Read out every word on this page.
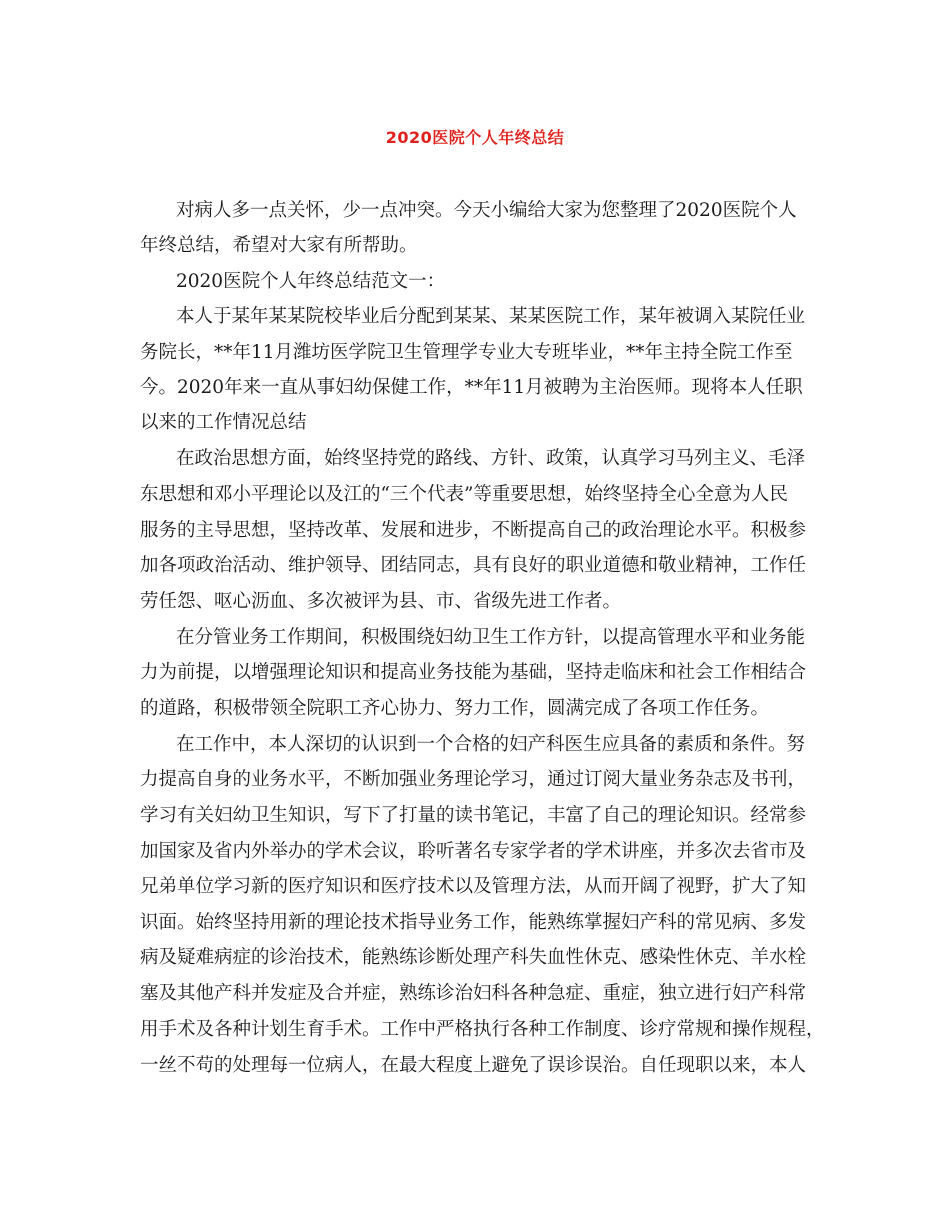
2020医院个人年终总结
对病人多一点关怀，少一点冲突。今天小编给大家为您整理了2020医院个人
年终总结，希望对大家有所帮助。
2020医院个人年终总结范文一：
本人于某年某某院校毕业后分配到某某、某某医院工作，某年被调入某院任业
务院长，**年11月潍坊医学院卫生管理学专业大专班毕业，**年主持全院工作至
今。2020年来一直从事妇幼保健工作，**年11月被聘为主治医师。现将本人任职
以来的工作情况总结
在政治思想方面，始终坚持党的路线、方针、政策，认真学习马列主义、毛泽
东思想和邓小平理论以及江的“三个代表”等重要思想，始终坚持全心全意为人民
服务的主导思想，坚持改革、发展和进步，不断提高自己的政治理论水平。积极参
加各项政治活动、维护领导、团结同志，具有良好的职业道德和敬业精神，工作任
劳任怨、呕心沥血、多次被评为县、市、省级先进工作者。
在分管业务工作期间，积极围绕妇幼卫生工作方针，以提高管理水平和业务能
力为前提，以增强理论知识和提高业务技能为基础，坚持走临床和社会工作相结合
的道路，积极带领全院职工齐心协力、努力工作，圆满完成了各项工作任务。
在工作中，本人深切的认识到一个合格的妇产科医生应具备的素质和条件。努
力提高自身的业务水平，不断加强业务理论学习，通过订阅大量业务杂志及书刊，
学习有关妇幼卫生知识，写下了打量的读书笔记，丰富了自己的理论知识。经常参
加国家及省内外举办的学术会议，聆听著名专家学者的学术讲座，并多次去省市及
兄弟单位学习新的医疗知识和医疗技术以及管理方法，从而开阔了视野，扩大了知
识面。始终坚持用新的理论技术指导业务工作，能熟练掌握妇产科的常见病、多发
病及疑难病症的诊治技术，能熟练诊断处理产科失血性休克、感染性休克、羊水栓
塞及其他产科并发症及合并症，熟练诊治妇科各种急症、重症，独立进行妇产科常
用手术及各种计划生育手术。工作中严格执行各种工作制度、诊疗常规和操作规程，
一丝不苟的处理每一位病人，在最大程度上避免了误诊误治。自任现职以来，本人
